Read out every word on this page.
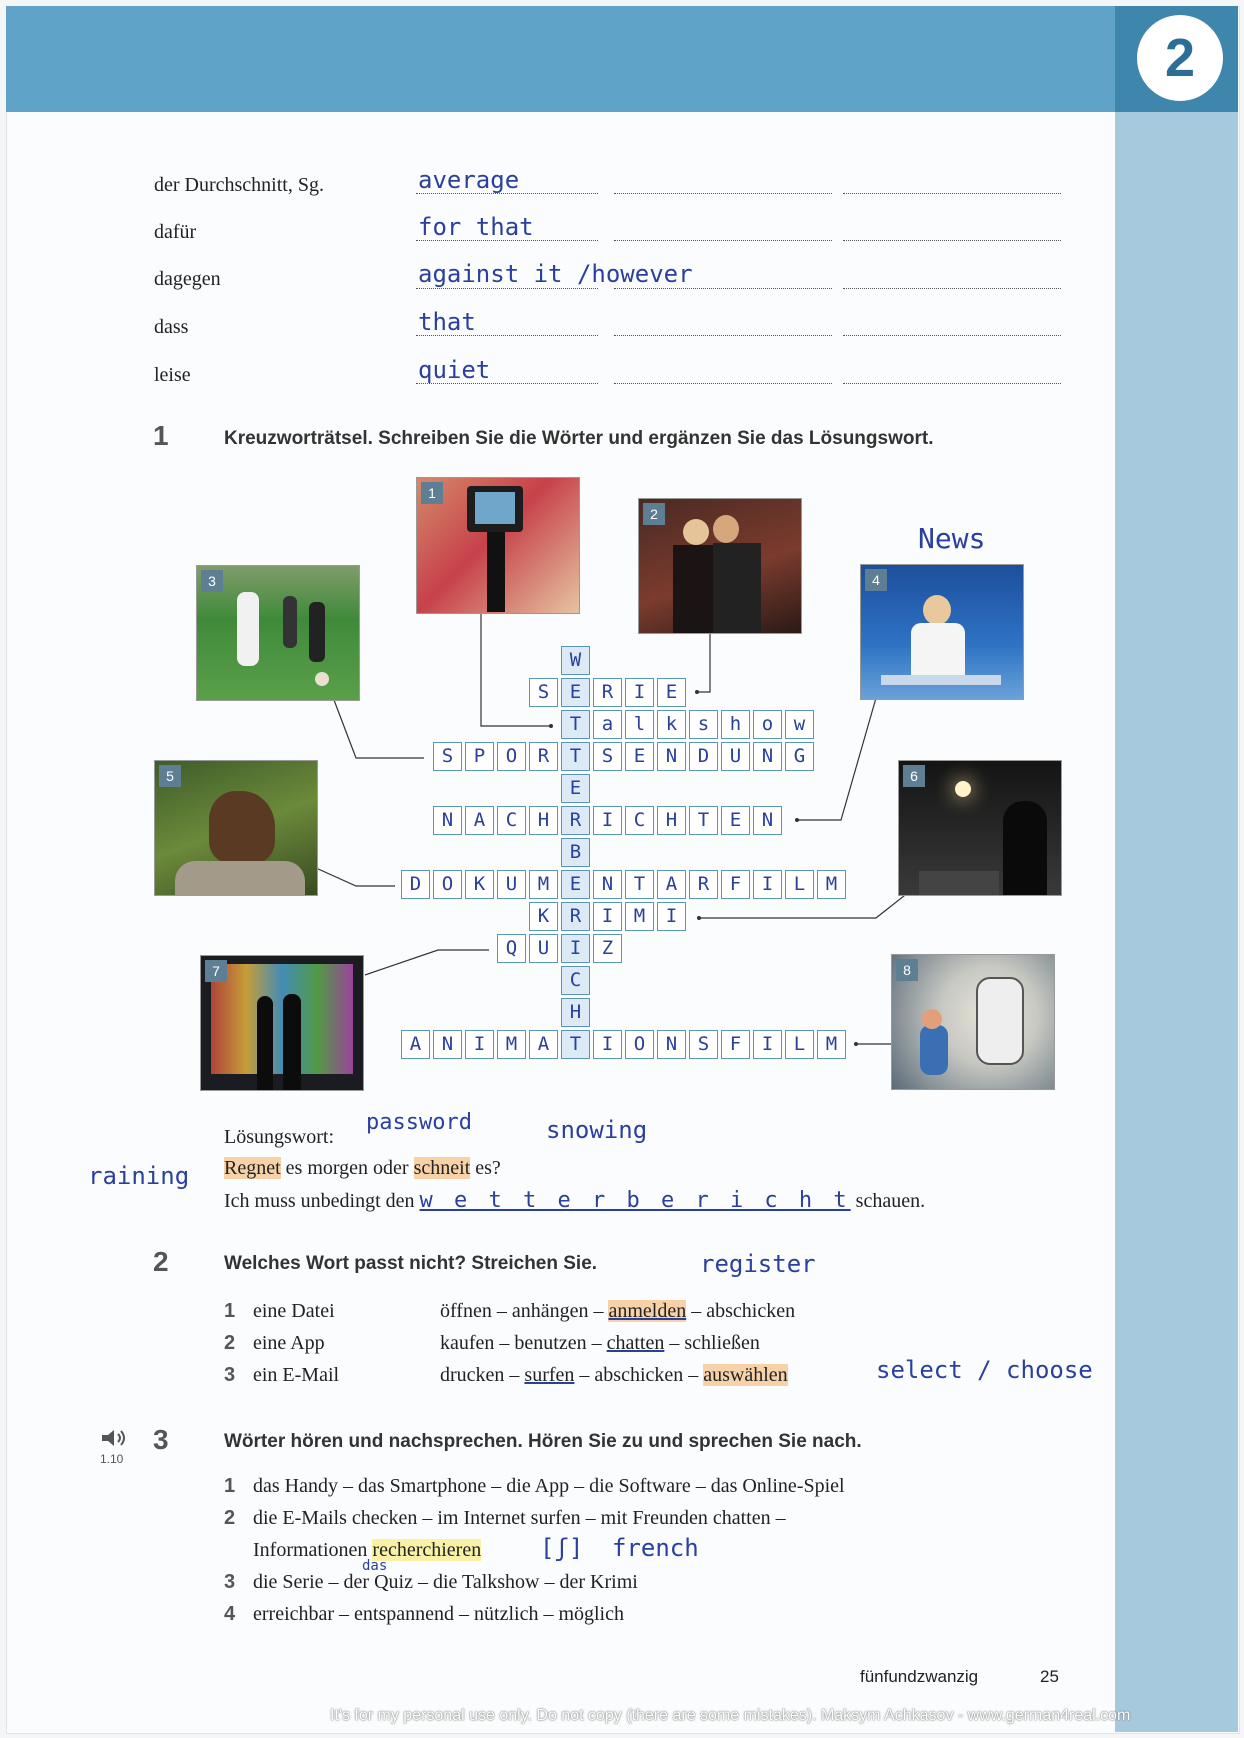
2
der Durchschnitt, Sg.	average
dafür	for that
dagegen	against it /however
dass	that
leise	quiet
1	Kreuzworträtsel. Schreiben Sie die Wörter und ergänzen Sie das Lösungswort.
1
2
3	4
5	6
7	8
News
W
E
B
C
H
T
S	E	R	I	E
T	a	l	k	s	h	o	w
S	P	O	R	T	S	E	N	D	U	N	G
N	A	C	H	R	I	C	H	T	E	N
D	O	K	U	M	E	N	T	A	R	F	I	L	M
K	R	I	M	I
Q	U	I	Z
A	N	I	M	A	I	O	N	S	F	I	L	M
Lösungswort:
password	snowing
raining Regnet es morgen oder schneit es?
Ich muss unbedingt den w e t t e r b e r i c h t schauen.
2	Welches Wort passt nicht? Streichen Sie.	register
1 eine Datei	öffnen – anhängen – anmelden – abschicken
2 eine App	kaufen – benutzen – chatten – schließen
3 ein E-Mail	drucken – surfen – abschicken – auswählen	select / choose
1.10
3	Wörter hören und nachsprechen. Hören Sie zu und sprechen Sie nach.
1 das Handy – das Smartphone – die App – die Software – das Online-Spiel
2 die E-Mails checken – im Internet surfen – mit Freunden chatten –
Informationen recherchieren [ʃ] french
das
3 die Serie – der Quiz – die Talkshow – der Krimi
4 erreichbar – entspannend – nützlich – möglich
fünfundzwanzig	25
It's for my personal use only. Do not copy (there are some mistakes). Maksym Achkasov - www.german4real.com
